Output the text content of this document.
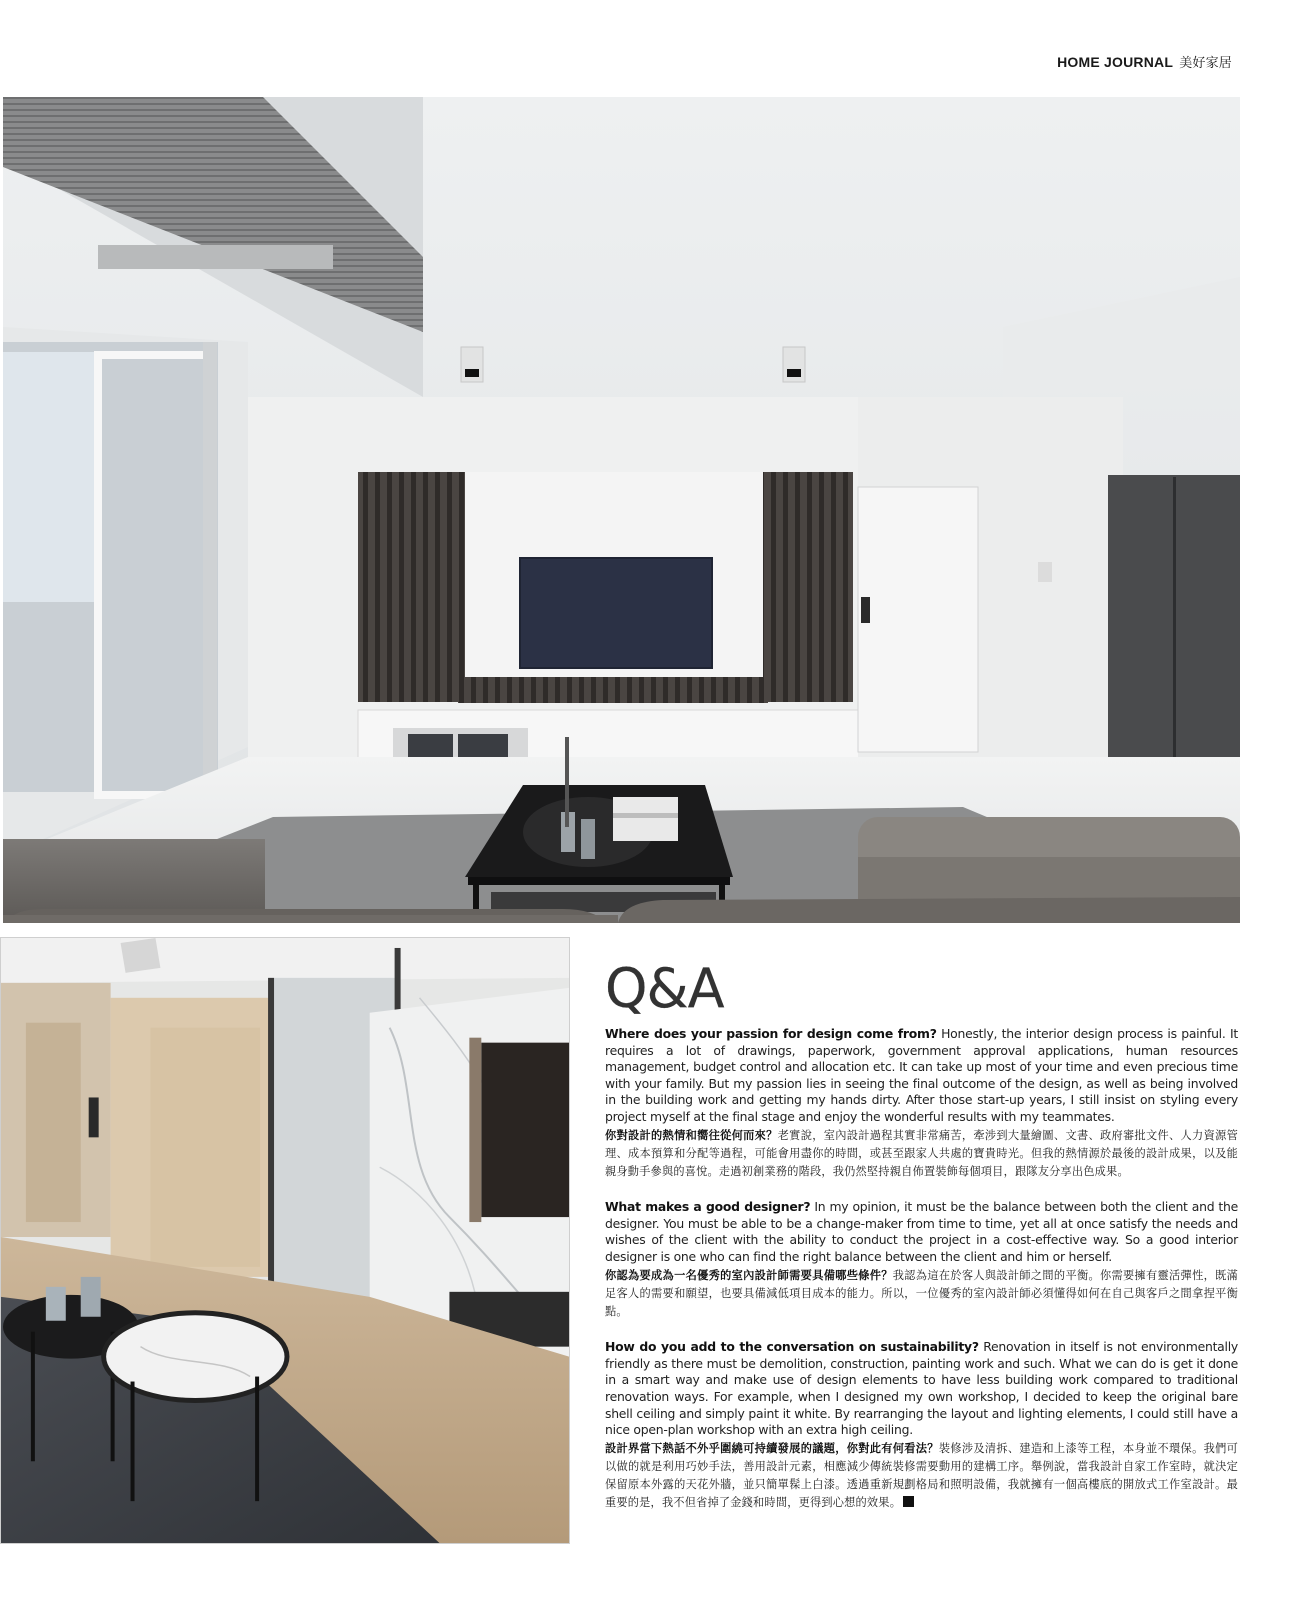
HOME JOURNAL 美好家居
Q&A

Where does your passion for design come from? Honestly, the interior design process is painful. It requires a lot of drawings, paperwork, government approval applications, human resources management, budget control and allocation etc. It can take up most of your time and even precious time with your family. But my passion lies in seeing the final outcome of the design, as well as being involved in the building work and getting my hands dirty. After those start-up years, I still insist on styling every project myself at the final stage and enjoy the wonderful results with my teammates.

你對設計的熱情和嚮往從何而來？老實說，室內設計過程其實非常痛苦，牽涉到大量繪圖、文書、政府審批文件、人力資源管理、成本預算和分配等過程，可能會用盡你的時間，或甚至跟家人共處的寶貴時光。但我的熱情源於最後的設計成果，以及能親身動手參與的喜悅。走過初創業務的階段，我仍然堅持親自佈置裝飾每個項目，跟隊友分享出色成果。

What makes a good designer? In my opinion, it must be the balance between both the client and the designer. You must be able to be a change-maker from time to time, yet all at once satisfy the needs and wishes of the client with the ability to conduct the project in a cost-effective way. So a good interior designer is one who can find the right balance between the client and him or herself.

你認為要成為一名優秀的室內設計師需要具備哪些條件？我認為這在於客人與設計師之間的平衡。你需要擁有靈活彈性，既滿足客人的需要和願望，也要具備減低項目成本的能力。所以，一位優秀的室內設計師必須懂得如何在自己與客戶之間拿捏平衡點。

How do you add to the conversation on sustainability? Renovation in itself is not environmentally friendly as there must be demolition, construction, painting work and such. What we can do is get it done in a smart way and make use of design elements to have less building work compared to traditional renovation ways. For example, when I designed my own workshop, I decided to keep the original bare shell ceiling and simply paint it white. By rearranging the layout and lighting elements, I could still have a nice open-plan workshop with an extra high ceiling.

設計界當下熱話不外乎圍繞可持續發展的議題，你對此有何看法？裝修涉及清拆、建造和上漆等工程，本身並不環保。我們可以做的就是利用巧妙手法，善用設計元素，相應減少傳統裝修需要動用的建構工序。舉例說，當我設計自家工作室時，就決定保留原本外露的天花外牆，並只簡單髹上白漆。透過重新規劃格局和照明設備，我就擁有一個高樓底的開放式工作室設計。最重要的是，我不但省掉了金錢和時間，更得到心想的效果。
